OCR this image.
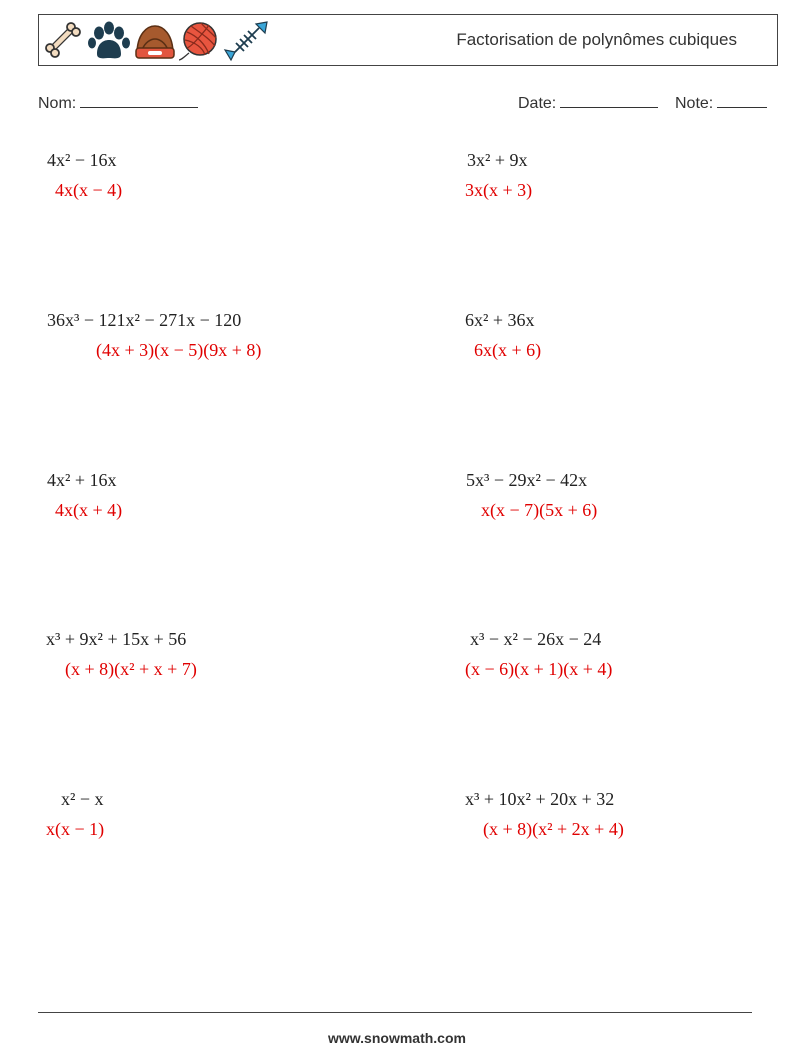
Factorisation de polynômes cubiques
Nom:	Date:	Note:
4x² − 16x
4x(x − 4)
3x² + 9x
3x(x + 3)
36x³ − 121x² − 271x − 120
(4x + 3)(x − 5)(9x + 8)
6x² + 36x
6x(x + 6)
4x² + 16x
4x(x + 4)
5x³ − 29x² − 42x
x(x − 7)(5x + 6)
x³ + 9x² + 15x + 56
(x + 8)(x² + x + 7)
x³ − x² − 26x − 24
(x − 6)(x + 1)(x + 4)
x² − x
x(x − 1)
x³ + 10x² + 20x + 32
(x + 8)(x² + 2x + 4)
www.snowmath.com
